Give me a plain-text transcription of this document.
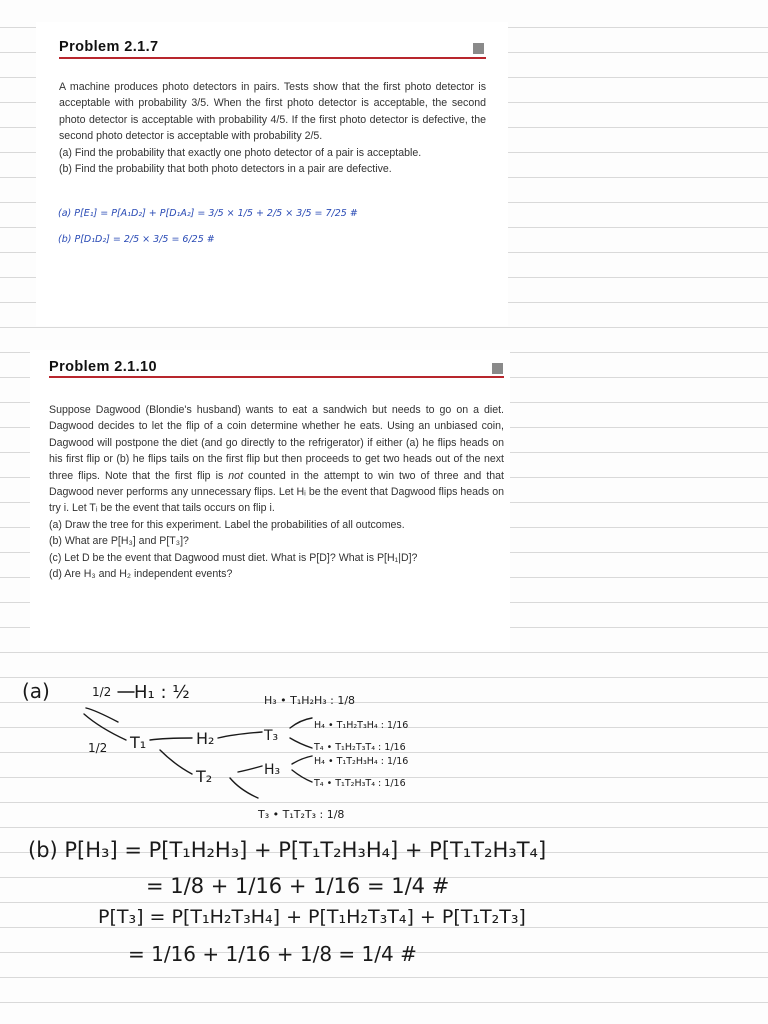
Problem 2.1.7

A machine produces photo detectors in pairs. Tests show that the first photo detector is acceptable with probability 3/5. When the first photo detector is acceptable, the second photo detector is acceptable with probability 4/5. If the first photo detector is defective, the second photo detector is acceptable with probability 2/5.

(a) Find the probability that exactly one photo detector of a pair is acceptable.

(b) Find the probability that both photo detectors in a pair are defective.

(a) P[E₁] = P[A₁D₂] + P[D₁A₂] = 3/5 × 1/5 + 2/5 × 3/5 = 7/25 #
(b) P[D₁D₂] = 2/5 × 3/5 = 6/25 #
Problem 2.1.10

Suppose Dagwood (Blondie's husband) wants to eat a sandwich but needs to go on a diet. Dagwood decides to let the flip of a coin determine whether he eats. Using an unbiased coin, Dagwood will postpone the diet (and go directly to the refrigerator) if either (a) he flips heads on his first flip or (b) he flips tails on the first flip but then proceeds to get two heads out of the next three flips. Note that the first flip is not counted in the attempt to win two of three and that Dagwood never performs any unnecessary flips. Let Hᵢ be the event that Dagwood flips heads on try i. Let Tᵢ be the event that tails occurs on flip i.

(a) Draw the tree for this experiment. Label the probabilities of all outcomes.

(b) What are P[H₃] and P[T₃]?

(c) Let D be the event that Dagwood must diet. What is P[D]? What is P[H₁|D]?

(d) Are H₃ and H₂ independent events?

(a)	1/2
1/2
H₁ : ½
T₁	H₂
T₂
T₃
H₃
H₃ • T₁H₂H₃ : 1/8
H₄ • T₁H₂T₃H₄ : 1/16
T₄ • T₁H₂T₃T₄ : 1/16
H₄ • T₁T₂H₃H₄ : 1/16
T₄ • T₁T₂H₃T₄ : 1/16
T₃ • T₁T₂T₃ : 1/8
(b) P[H₃] = P[T₁H₂H₃] + P[T₁T₂H₃H₄] + P[T₁T₂H₃T₄]
= 1/8 + 1/16 + 1/16 = 1/4 #
P[T₃] = P[T₁H₂T₃H₄] + P[T₁H₂T₃T₄] + P[T₁T₂T₃]
= 1/16 + 1/16 + 1/8 = 1/4 #
